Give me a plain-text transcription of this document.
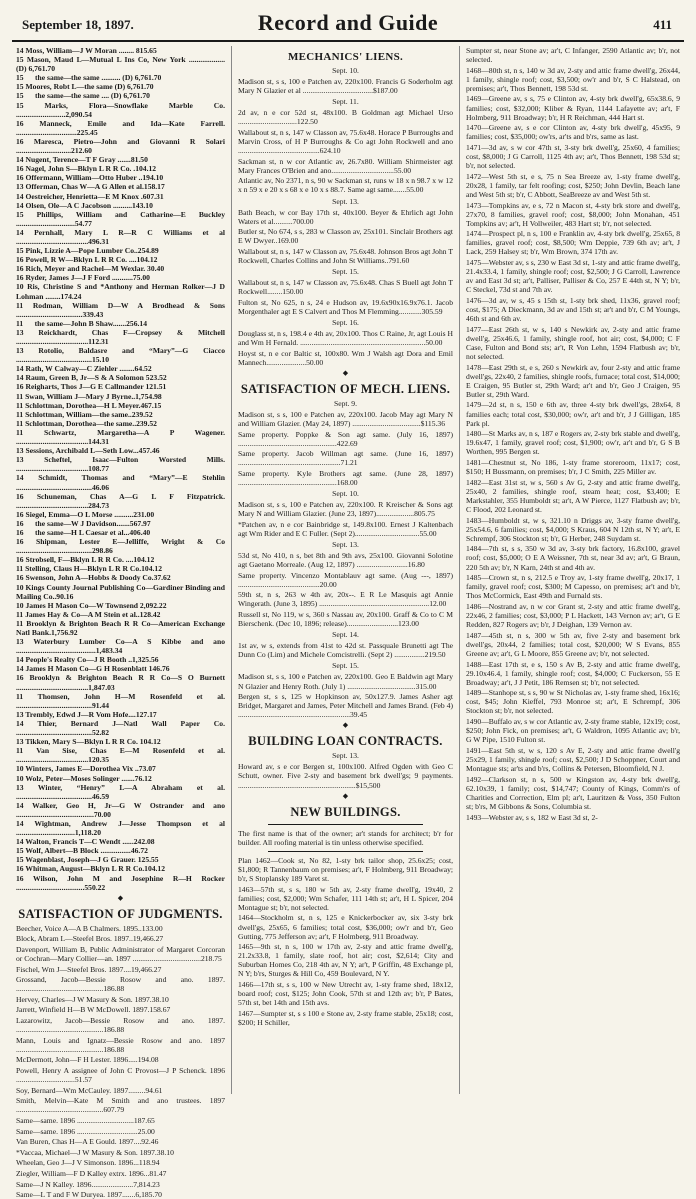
September 18, 1897.	Record and Guide	411
14 Moss, William—J W Moran ........ 815.65
15 Mason, Maud L—Mutual L Ins Co, New York ................... (D) 6,761.70
15   the same—the same .......... (D) 6,761.70
15 Moores, Robt L—the same (D) 6,761.70
15   the same—the same .... (D) 6,761.70
15 Marks, Flora—Snowflake Marble Co. ..........................2,090.54
16 Manneck, Emile and Ida—Kate Farrell. ................................225.45
16 Maresca, Pietro—John and Giovanni R Solari .............................212.60
14 Nugent, Terence—T F Gray .......81.50
16 Nagel, John S—Bklyn L R R Co. .104.12
16 Offermann, William—Otto Huber ..194.10
13 Offerman, Chas W—A G Allen et al.158.17
14 Oestreicher, Henrietta—E M Knox .607.31
14 Olsen, Ole—A C Jacobson ..........143.10
15 Phillips, William and Catharine—E Buckley ...............................54.77
14 Pernhall, Mary L R—R C Williams et al ......................................496.31
15 Pink, Lizzie A—Pope Lumber Co..254.89
16 Powell, R W—Bklyn L R R Co. ....104.12
16 Rich, Meyer and Rachel—M Wexlar. 30.40
16 Ryder, James J—J F Ford ...........75.00
10 Ris, Christine S and *Anthony and Herman Rolker—J D Lohman ........174.24
11 Rodman, William D—W A Brodhead & Sons ...................................339.43
11   the same—John B Shaw.......256.14
13 Reickhardt, Chas F—Cropsey & Mitchell ......................................112.31
13 Rotolio, Baldasre and “Mary”—G Ciacco ........................................15.10
14 Rath, W Calway—C Ziehler ........64.52
14 Raum, Green B, Jr—S & A Solomon 523.52
16 Reigharts, Thos J—G E Callmander 121.51
11 Swan, William J—Mary J Byrne..1,754.98
11 Schlottman, Dorothea—H L Meyer.467.15
11 Schlottman, William—the same..239.52
11 Schlottman, Dorothea—the same..239.52
11 Schwartz, Margaretha—A P Wagener. ......................................144.31
13 Sessions, Archibald L—Seth Low...457.46
13 Scheftel, Isaac—Fulton Worsted Mills. ......................................108.77
14 Schmidt, Thomas and “Mary”—E Stehlin ........................................46.06
16 Schuneman, Chas A—G L F Fitzpatrick. ......................................284.73
16 Siegel, Emma—O L Morse ..........231.00
16   the same—W J Davidson.......567.97
16   the same—H L Caesar et al...406.40
16 Shipman, Lester E—Jelliffe, Wright & Co ........................................298.86
16 Strobsell, F—Bklyn L R R Co. ....104.12
11 Stelling, Claus H—Bklyn L R R Co.104.12
16 Swenson, John A—Hobbs & Doody Co.37.62
10 Kings County Journal Publishing Co—Gardiner Binding and Mailing Co..90.16
10 James H Mason Co—W Townsend 2,092.22
11 James Hay & Co—A M Stein et al..128.42
11 Brooklyn & Brighton Beach R R Co—American Exchange Natl Bank.1,756.92
13 Waterbury Lumber Co—A S Kibbe and ano ..........................................1,483.34
14 People's Realty Co—J R Booth ..1,325.56
14 James H Mason Co—G H Rosenblatt 146.76
16 Brooklyn & Brighton Beach R R Co—S O Burnett ......................................1,847.03
11 Thomsen, John H—M Rosenfeld et al. ........................................91.44
13 Trembly, Edwd J—R Vom Hofe....127.17
14 Thier, Bernard J—Natl Wall Paper Co. ........................................52.82
13 Tikken, Mary S—Bklyn L R R Co. 104.12
11 Van Sise, Chas E—M Rosenfeld et al. ......................................120.35
10 Winters, James E—Dorothea Vix ..73.07
10 Wolz, Peter—Moses Solinger .......76.12
13 Winter, “Henry” L—A Abraham et al. ........................................46.59
14 Walker, Geo H, Jr—G W Ostrander and ano .........................................70.00
14 Wightman, Andrew J—Jesse Thompson et al ...............................1,118.20
14 Walton, Francis T—C Wendt ......242.08
15 Wolf, Albert—B Block ................46.72
15 Wagenblast, Joseph—J G Grauer. 125.55
16 Whitman, August—Bklyn L R R Co.104.12
16 Wilson, John M and Josephine R—H Rocker ....................................550.22
◆
SATISFACTION OF JUDGMENTS.
Beecher, Voice A—A B Chalmers. 1895..133.00
Block, Abram L—Steefel Bros. 1897..19,466.27
Davenport, William B, Public Administrator of Margaret Corcoran or Cochran—Mary Collier—an. 1897 ....................................218.75
Fischel, Wm J—Steefel Bros. 1897....19,466.27
Grossand, Jacob—Bessie Rosow and ano. 1897. ..............................................186.88
Hervey, Charles—J W Masury & Son. 1897.38.10
Jarrett, Winfield H—B W McDowell. 1897.158.67
Lazarowitz, Jacob—Bessie Rosow and ano. 1897. ..............................................186.88
Mann, Louis and Ignatz—Bessie Rosow and ano. 1897 ..............................................186.88
McDermott, John—F H Lester. 1896.....194.08
Powell, Henry A assignee of John C Provost—J P Schenck. 1896 ...............................51.57
Soy, Bernard—Wm McCauley. 1897.........94.61
Smith, Melvin—Kate M Smith and ano trustees. 1897 ..............................................607.79
Same—same. 1896 ..............................187.65
Same—same. 1896 ................................25.00
Van Buren, Chas H—A E Gould. 1897....92.46
*Vaccaa, Michael—J W Masury & Son. 1897.38.10
Wheelan, Geo J—J V Simonson. 1896...118.94
Ziegler, William—F D Kalley extrx. 1896...81.47
Same—J N Kalley. 1896......................7,814.23
Same—L T and F W Duryea. 1897.......6,185.70
MECHANICS' LIENS.
Sept. 10.
Madison st, s s, 100 e Patchen av, 220x100. Francis G Soderholm agt Mary N Glazier et al .....................................$187.00
Sept. 11.
2d av, n e cor 52d st, 48x100. B Goldman agt Michael Urso ...............................122.50
Wallabout st, n s, 147 w Classon av, 75.6x48. Horace P Burroughs and Marvin Cross, of H P Burroughs & Co agt John Rockwell and ano ...........................................624.10
Sackman st, n w cor Atlantic av, 26.7x80. William Shirmeister agt Mary Frances O'Brien and ano.................................55.00
Atlantic av, No 2371, n s, 90 w Sackman st, runs w 18 x n 98.7 x w 12 x n 59 x e 20 x s 68 x e 10 x s 88.7. Same agt same.......55.00
Sept. 13.
Bath Beach, w cor Bay 17th st, 40x100. Beyer & Ehrlich agt John Waters et al..........700.00
Butler st, No 674, s s, 283 w Classon av, 25x101. Sinclair Brothers agt E W Dwyer..169.00
Wallabout st, n s, 147 w Classon av, 75.6x48. Johnson Bros agt John T Rockwell, Charles Collins and John St Williams..791.60
Sept. 15.
Wallabout st, n s, 147 w Classon av, 75.6x48. Chas S Buell agt John T Rockwell........150.00
Fulton st, No 625, n s, 24 e Hudson av, 19.6x90x16.9x76.1. Jacob Morgenthaler agt E S Calvert and Thos M Flemming............305.59
Sept. 16.
Douglass st, n s, 198.4 e 4th av, 20x100. Thos C Raine, Jr, agt Louis H and Wm H Fernald. ..................................................................50.00
Hoyst st, n e cor Baltic st, 100x80. Wm J Walsh agt Dora and Emil Mannech.....................50.00
◆
SATISFACTION OF MECH. LIENS.
Sept. 9.
Madison st, s s, 100 e Patchen av, 220x100. Jacob May agt Mary N and William Glazier. (May 24, 1897) ....................................$115.36
Same property. Poppke & Son agt same. (July 16, 1897) ....................................................422.69
Same property. Jacob Willman agt same. (June 16, 1897) ......................................................71.21
Same property. Kyle Brothers agt same. (June 28, 1897) ....................................................168.00
Sept. 10.
Madison st, s s, 100 e Patchen av, 220x100. R Kreischer & Sons agt Mary N and William Glazier. (June 23, 1897)....................805.75
*Patchen av, n e cor Bainbridge st, 149.8x100. Ernest J Kaltenbach agt Wm Rider and E C Fuller. (Sept 2)..................................55.00
Sept. 13.
53d st, No 410, n s, bet 8th and 9th avs, 25x100. Giovanni Solotine agt Gaetano Morreale. (Aug 12, 1897) ...........................16.80
Same property. Vincenzo Montablauv agt same. (Aug ---, 1897) ...........................................20.00
59th st, n s, 263 w 4th av, 20x--. E R Le Masquis agt Annie Wingerath. (June 3, 1895) ..........................................................12.00
Russell st, No 119, w s, 360 s Nassau av, 20x100. Graff & Co to C M Bierschenk. (Dec 10, 1896; release)...........................123.00
Sept. 14.
1st av, w s, extends from 41st to 42d st. Passquale Brunetti agt The Dunn Co (Lim) and Michele Comcistrelli. (Sept 2) ................219.50
Sept. 15.
Madison st, s s, 100 e Patchen av, 220x100. Geo E Baldwin agt Mary N Glazier and Henry Roth. (July 1) ....................................315.00
Bergen st, s s, 125 w Hopkinson av, 50x127.9. James Asher agt Bridget, Margaret and James, Peter Mitchell and James Brand. (Feb 4) ...........................................................39.45
◆
BUILDING LOAN CONTRACTS.
Sept. 13.
Howard av, s e cor Bergen st, 100x100. Alfred Ogden with Geo C Schutt, owner. Five 2-sty and basement brk dwell'gs; 9 payments. ..............................................................$15,500
◆
NEW BUILDINGS.
The first name is that of the owner; ar't stands for architect; b'r for builder. All roofing material is tin unless otherwise specified.
Plan 1462—Cook st, No 82, 1-sty brk tailor shop, 25.6x25; cost, $1,800; R Tannenbaum on premises; ar't, F Holmberg, 911 Broadway; b'r, S Stoplansky 189 Varet st.
1463—57th st, s s, 180 w 5th av, 2-sty frame dwell'g, 19x40, 2 families; cost, $2,000; Wm Schafer, 111 14th st; ar't, H L Spicer, 204 Montague st; b'r, not selected.
1464—Stockholm st, n s, 125 e Knickerbocker av, six 3-sty brk dwell'gs, 25x65, 6 families; total cost, $36,000; ow'r and b'r, Geo Gutting, 775 Jefferson av; ar't, F Holmberg, 911 Broadway.
1465—9th st, n s, 100 w 17th av, 2-sty and attic frame dwell'g, 21.2x33.8, 1 family, slate roof, hot air; cost, $2,614; City and Suburban Homes Co, 218 4th av, N Y; ar't, P Griffin, 48 Exchange pl, N Y; b'rs, Sturges & Hill Co, 459 Boulevard, N Y.
1466—17th st, s s, 100 w New Utrecht av, 1-sty frame shed, 18x12, board roof; cost, $125; John Cook, 57th st and 12th av; b'r, P Bates, 57th st, bet 14th and 15th avs.
1467—Sumpter st, s s 100 e Stone av, 2-sty frame stable, 25x18; cost, $200; H Schiller,
Sumpter st, near Stone av; ar't, C Infanger, 2590 Atlantic av; b'r, not selected.
1468—80th st, n s, 140 w 3d av, 2-sty and attic frame dwell'g, 26x44, 1 family, shingle roof; cost, $3,500; ow'r and b'r, S C Halstead, on premises; ar't, Thos Bennett, 198 53d st.
1469—Greene av, s s, 75 e Clinton av, 4-sty brk dwell'g, 65x38.6, 9 families; cost, $32,000; Kliber & Ryan, 1144 Lafayette av; ar't, F Holmberg, 911 Broadway; b'r, H R Reichman, 444 Hart st.
1470—Greene av, s e cor Clinton av, 4-sty brk dwell'g, 45x95, 9 families; cost, $35,000; ow'rs, ar'ts and b'rs, same as last.
1471—3d av, s w cor 47th st, 3-sty brk dwell'g, 25x60, 4 families; cost, $8,000; J G Carroll, 1125 4th av; ar't, Thos Bennett, 198 53d st; b'r, not selected.
1472—West 5th st, e s, 75 n Sea Breeze av, 1-sty frame dwell'g, 20x28, 1 family, tar felt roofing; cost, $250; John Devlin, Beach lane and West 5th st; b'r, C Abbott, SeaBreeze av and West 5th st.
1473—Tompkins av, e s, 72 n Macon st, 4-sty brk store and dwell'g, 27x70, 8 families, gravel roof; cost, $8,000; John Monahan, 451 Tompkins av; ar't, H Vollweiler, 483 Hart st; b'r, not selected.
1474—Prospect pl, n s, 100 e Franklin av, 4-sty brk dwell'g, 25x65, 8 families, gravel roof; cost, $8,500; Wm Deppie, 739 6th av; ar't, J Lack, 259 Halsey st; b'r, Wm Brown, 374 17th av.
1475—Webster av, s s, 230 w East 3d st, 1-sty and attic frame dwell'g, 21.4x33.4, 1 family, shingle roof; cost, $2,500; J G Carroll, Lawrence av and East 3d st; ar't, Palliser, Palliser & Co, 257 E 44th st, N Y; b'r, C Steckel, 73d st and 7th av.
1476—3d av, w s, 45 s 15th st, 1-sty brk shed, 11x36, gravel roof; cost, $175; A Dieckmann, 3d av and 15th st; ar't and b'r, C M Youngs, 46th st and 6th av.
1477—East 26th st, w s, 140 s Newkirk av, 2-sty and attic frame dwell'g, 25x46.6, 1 family, shingle roof, hot air; cost, $4,000; C F Case, Fulton and Bond sts; ar't, R Von Lehn, 1594 Flatbush av; b'r, not selected.
1478—East 29th st, e s, 260 s Newkirk av, four 2-sty and attic frame dwell'gs, 22x40, 2 families, shingle roofs, furnace; total cost, $14,000; E Craigen, 95 Butler st, 29th Ward; ar't and b'r, Geo J Craigen, 95 Butler st, 29th Ward.
1479—2d st, n s, 150 e 6th av, three 4-sty brk dwell'gs, 28x64, 8 families each; total cost, $30,000; ow'r, ar't and b'r, J J Gilligan, 185 Park pl.
1480—St Marks av, n s, 187 e Rogers av, 2-sty brk stable and dwell'g, 19.6x47, 1 family, gravel roof; cost, $1,900; ow'r, ar't and b'r, G S B Worthen, 995 Bergen st.
1481—Chestnut st, No 186, 1-sty frame storeroom, 11x17; cost, $150; H Bussmann, on premises; b'r, J C Smith, 225 Miller av.
1482—East 31st st, w s, 560 s Av G, 2-sty and attic frame dwell'g, 25x40, 2 families, shingle roof, steam heat; cost, $3,400; E Markstahler, 355 Humboldt st; ar't, A W Pierce, 1127 Flatbush av; b'r, C Flood, 202 Leonard st.
1483—Humboldt st, w s, 321.10 n Driggs av, 3-sty frame dwell'g, 25x54.6, 6 families; cost, $4,000; S Kraus, 604 N 12th st, N Y; ar't, E Schrempf, 306 Stockton st; b'r, G Herber, 248 Suydam st.
1484—7th st, s s, 350 w 3d av, 3-sty brk factory, 16.8x100, gravel roof; cost, $5,000; O E A Weissner, 7th st, near 3d av; ar't, G Braun, 220 5th av; b'r, N Karn, 24th st and 4th av.
1485—Crown st, n s, 212.5 e Troy av, 1-sty frame dwell'g, 20x17, 1 family, gravel roof; cost, $300; M Capesso, on premises; ar't and b'r, Thos McCormick, East 49th and Furnald sts.
1486—Nostrand av, n w cor Grant st, 2-sty and attic frame dwell'g, 22x46, 2 families; cost, $3,000; P L Hackett, 143 Vernon av; ar't, G E Redden, 827 Rogers av; b'r, J Deighan, 139 Vernon av.
1487—45th st, n s, 300 w 5th av, five 2-sty and basement brk dwell'gs, 20x44, 2 families; total cost, $20,000; W S Evans, 855 Greene av; ar't, G L Moore, 855 Greene av; b'r, not selected.
1488—East 17th st, e s, 150 s Av B, 2-sty and attic frame dwell'g, 29.10x46.4, 1 family, shingle roof; cost, $4,000; C Fuckerson, 55 E Broadway; ar't, J J Petit, 186 Remsen st; b'r, not selected.
1489—Stanhope st, s s, 90 w St Nicholas av, 1-sty frame shed, 16x16; cost, $45; John Kieffel, 793 Monroe st; ar't, E Schrempf, 306 Stockton st; b'r, not selected.
1490—Buffalo av, s w cor Atlantic av, 2-sty frame stable, 12x19; cost, $250; John Fick, on premises; ar't, G Waldron, 1095 Atlantic av; b'r, G W Pipe, 1510 Fulton st.
1491—East 5th st, w s, 120 s Av E, 2-sty and attic frame dwell'g 25x29, 1 family, shingle roof; cost, $2,500; J D Schoppner, Court and Montague sts; ar'ts and b'rs, Collins & Petersen, Bloomfield, N J.
1492—Clarkson st, n s, 500 w Kingston av, 4-sty brk dwell'g, 62.10x39, 1 family; cost, $14,747; County of Kings, Comm'rs of Charities and Correction, Elm pl; ar't, Lauritzen & Voss, 350 Fulton st; b'rs, M Gibbons & Sons, Columbia st.
1493—Webster av, s s, 182 w East 3d st, 2-
